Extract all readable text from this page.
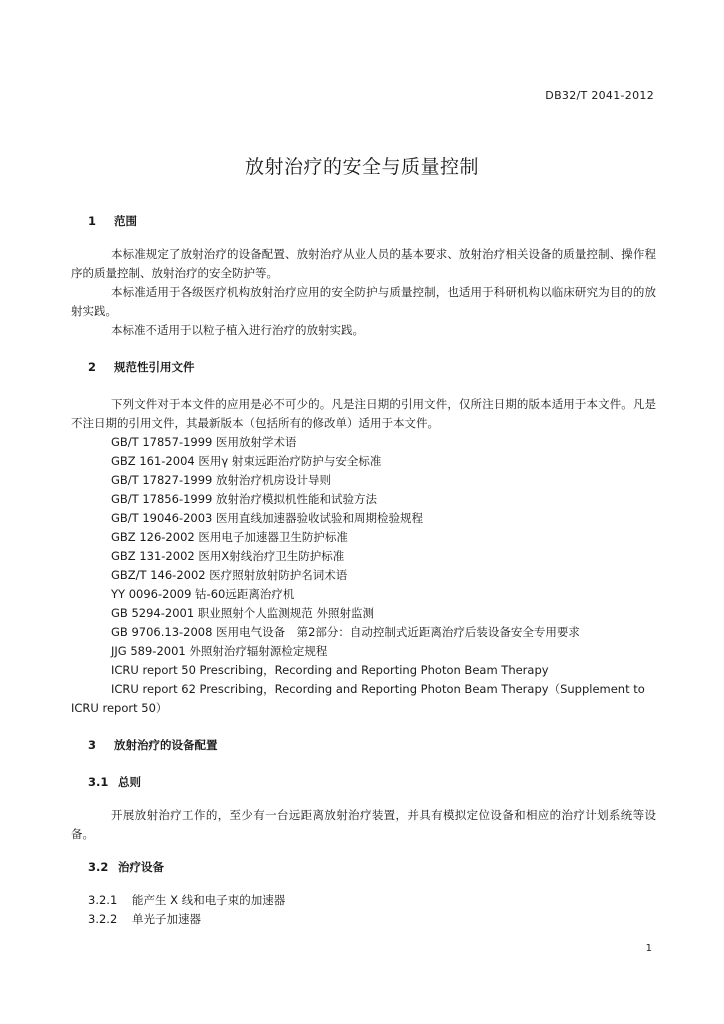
DB32/T 2041-2012
放射治疗的安全与质量控制
1 范围

本标准规定了放射治疗的设备配置、放射治疗从业人员的基本要求、放射治疗相关设备的质量控制、操作程序的质量控制、放射治疗的安全防护等。

本标准适用于各级医疗机构放射治疗应用的安全防护与质量控制，也适用于科研机构以临床研究为目的的放射实践。

本标准不适用于以粒子植入进行治疗的放射实践。

2 规范性引用文件

下列文件对于本文件的应用是必不可少的。凡是注日期的引用文件，仅所注日期的版本适用于本文件。凡是不注日期的引用文件，其最新版本（包括所有的修改单）适用于本文件。

GB/T 17857-1999 医用放射学术语

GBZ 161-2004 医用γ 射束远距治疗防护与安全标准

GB/T 17827-1999 放射治疗机房设计导则

GB/T 17856-1999 放射治疗模拟机性能和试验方法

GB/T 19046-2003 医用直线加速器验收试验和周期检验规程

GBZ 126-2002 医用电子加速器卫生防护标准

GBZ 131-2002 医用X射线治疗卫生防护标准

GBZ/T 146-2002 医疗照射放射防护名词术语

YY 0096-2009 钴-60远距离治疗机

GB 5294-2001 职业照射个人监测规范 外照射监测

GB 9706.13-2008 医用电气设备　第2部分：自动控制式近距离治疗后装设备安全专用要求

JJG 589-2001 外照射治疗辐射源检定规程

ICRU report 50 Prescribing，Recording and Reporting Photon Beam Therapy

ICRU report 62 Prescribing，Recording and Reporting Photon Beam Therapy（Supplement to ICRU report 50）

3 放射治疗的设备配置
3.1 总则

开展放射治疗工作的，至少有一台远距离放射治疗装置，并具有模拟定位设备和相应的治疗计划系统等设备。

3.2 治疗设备
3.2.1 能产生 X 线和电子束的加速器
3.2.2 单光子加速器
1
